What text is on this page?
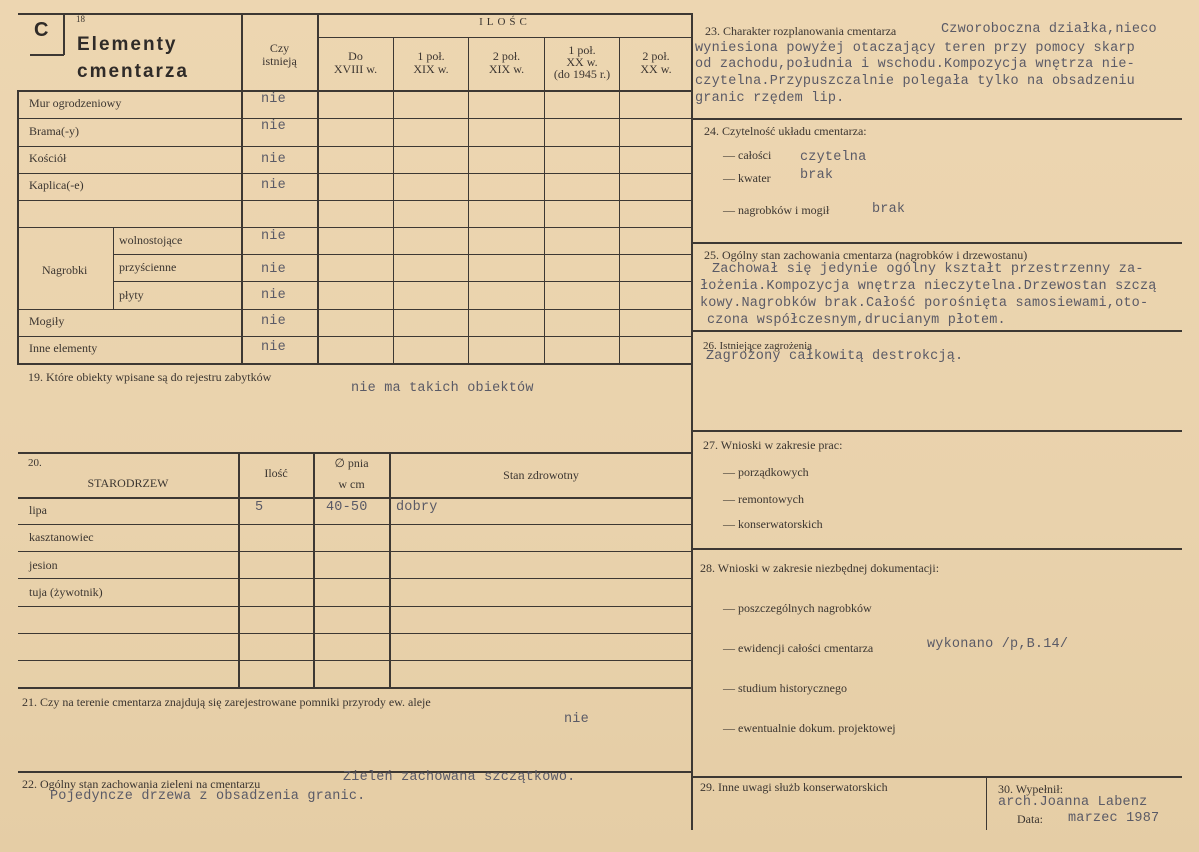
C	18
Elementy
cmentarza
Czy
istnieją
ILOŚC
Do
XVIII w.
1 poł.
XIX w.
2 poł.
XIX w.
1 poł.
XX w.
(do 1945 r.)
2 poł.
XX w.
Mur ogrodzeniowy	nie
Brama(-y)	nie
Kościół	nie
Kaplica(-e)	nie
Nagrobki
wolnostojące	nie
przyścienne	nie
płyty	nie
Mogiły	nie
Inne elementy	nie
19. Które obiekty wpisane są do rejestru zabytków
nie ma takich obiektów
20.
STARODRZEW
Ilość
∅ pnia
w cm
Stan zdrowotny
lipa	5	40-50 dobry
kasztanowiec
jesion
tuja (żywotnik)
21. Czy na terenie cmentarza znajdują się zarejestrowane pomniki przyrody ew. aleje
nie
22. Ogólny stan zachowania zieleni na cmentarzu	Zieleń zachowana szczątkowo.
Pojedyncze drzewa z obsadzenia granic.
23. Charakter rozplanowania cmentarza	Czworoboczna działka,nieco
wyniesiona powyżej otaczający teren przy pomocy skarp
od zachodu,południa i wschodu.Kompozycja wnętrza nie-
czytelna.Przypuszczalnie polegała tylko na obsadzeniu
granic rzędem lip.
24. Czytelność układu cmentarza:
— całości czytelna
— kwater brak
— nagrobków i mogił	brak
25. Ogólny stan zachowania cmentarza (nagrobków i drzewostanu)
Zachował się jedynie ogólny kształt przestrzenny za-
łożenia.Kompozycja wnętrza nieczytelna.Drzewostan szczą
kowy.Nagrobków brak.Całość porośnięta samosiewami,oto-
czona współczesnym,drucianym płotem.
26. Istniejące zagrożenia
Zagrożony całkowitą destrokcją.
27. Wnioski w zakresie prac:
— porządkowych
— remontowych
— konserwatorskich
28. Wnioski w zakresie niezbędnej dokumentacji:
— poszczególnych nagrobków
— ewidencji całości cmentarza	wykonano /p,B.14/
— studium historycznego
— ewentualnie dokum. projektowej
29. Inne uwagi służb konserwatorskich	30. Wypełnił:
arch.Joanna Labenz
Data: marzec 1987
